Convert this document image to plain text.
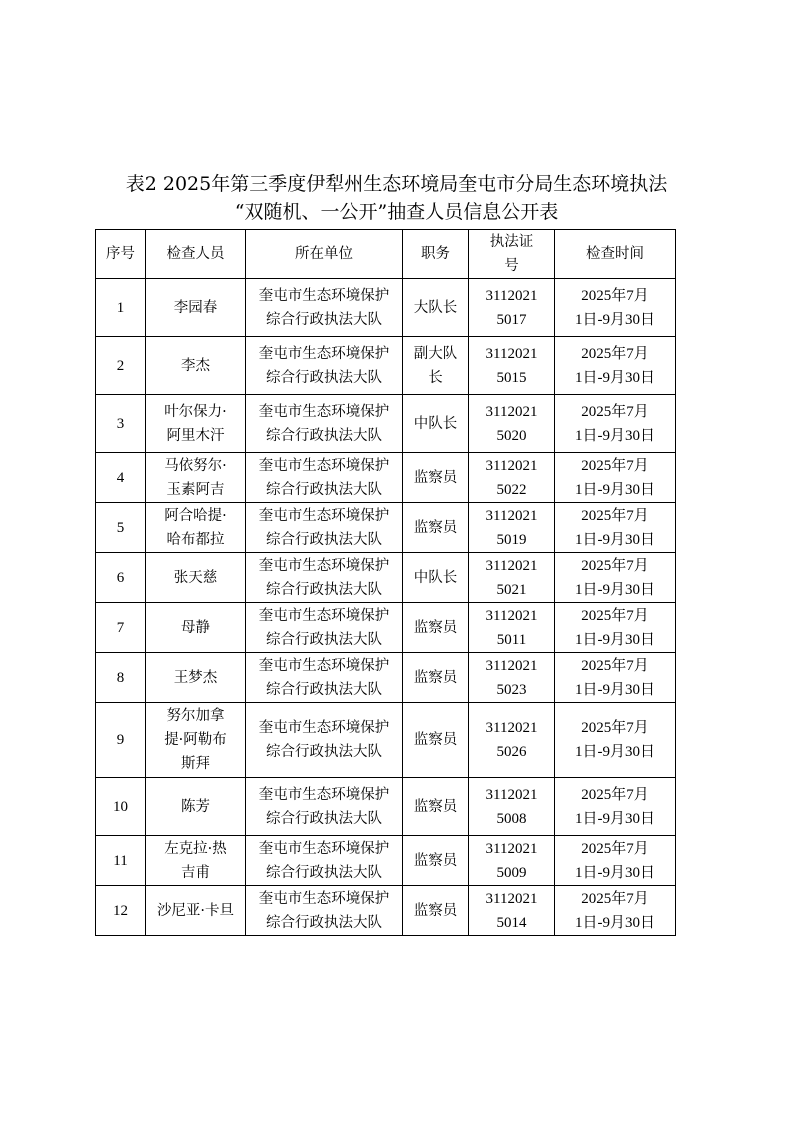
表2 2025年第三季度伊犁州生态环境局奎屯市分局生态环境执法
“双随机、一公开”抽查人员信息公开表
序号	检查人员	所在单位	职务	执法证
号	检查时间
1	李园春	奎屯市生态环境保护
综合行政执法大队	大队长	3112021
5017	2025年7月
1日-9月30日

2	李杰	奎屯市生态环境保护
综合行政执法大队	副大队
长	3112021
5015	2025年7月
1日-9月30日

3	叶尔保力·
阿里木汗	奎屯市生态环境保护
综合行政执法大队	中队长	3112021
5020	2025年7月
1日-9月30日

4	马依努尔·
玉素阿吉	奎屯市生态环境保护
综合行政执法大队	监察员	3112021
5022	2025年7月
1日-9月30日

5	阿合哈提·
哈布都拉	奎屯市生态环境保护
综合行政执法大队	监察员	3112021
5019	2025年7月
1日-9月30日

6	张天慈	奎屯市生态环境保护
综合行政执法大队	中队长	3112021
5021	2025年7月
1日-9月30日

7	母静	奎屯市生态环境保护
综合行政执法大队	监察员	3112021
5011	2025年7月
1日-9月30日

8	王梦杰	奎屯市生态环境保护
综合行政执法大队	监察员	3112021
5023	2025年7月
1日-9月30日

9	努尔加拿
提·阿勒布
斯拜	奎屯市生态环境保护
综合行政执法大队	监察员	3112021
5026	2025年7月
1日-9月30日

10	陈芳	奎屯市生态环境保护
综合行政执法大队	监察员	3112021
5008	2025年7月
1日-9月30日

11	左克拉·热
吉甫	奎屯市生态环境保护
综合行政执法大队	监察员	3112021
5009	2025年7月
1日-9月30日

12	沙尼亚·卡旦	奎屯市生态环境保护
综合行政执法大队	监察员	3112021
5014	2025年7月
1日-9月30日
